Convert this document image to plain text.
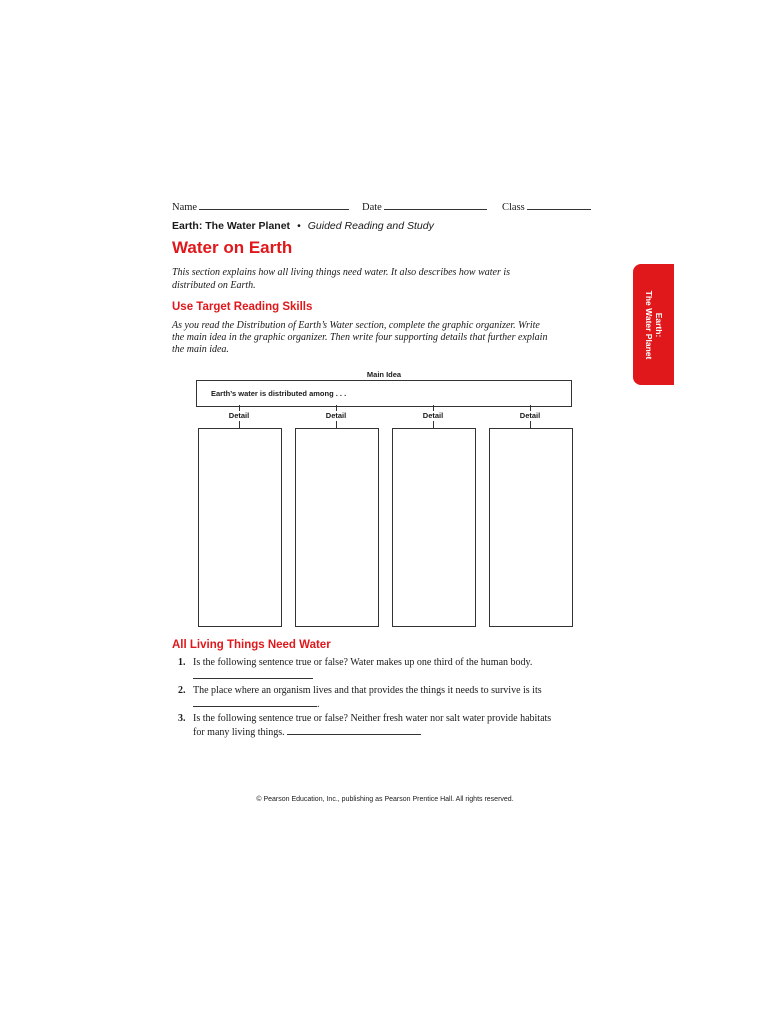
Name	Date	Class
Earth: The Water Planet • Guided Reading and Study
Water on Earth
This section explains how all living things need water. It also describes how water is distributed on Earth.
Earth:
The Water Planet
Use Target Reading Skills
As you read the Distribution of Earth’s Water section, complete the graphic organizer. Write the main idea in the graphic organizer. Then write four supporting details that further explain the main idea.
Main Idea
Earth’s water is distributed among . . .
Detail	Detail	Detail	Detail
All Living Things Need Water
1. Is the following sentence true or false? Water makes up one third of the human body.
2. The place where an organism lives and that provides the things it needs to survive is its .
3. Is the following sentence true or false? Neither fresh water nor salt water provide habitats for many living things.
© Pearson Education, Inc., publishing as Pearson Prentice Hall. All rights reserved.
